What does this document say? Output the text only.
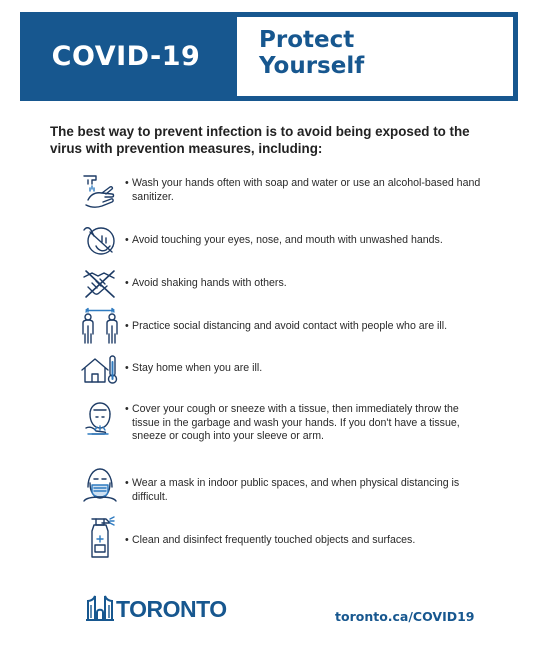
COVID-19
Protect
Yourself
The best way to prevent infection is to avoid being exposed to the virus with prevention measures, including:
• Wash your hands often with soap and water or use an alcohol-based hand sanitizer.
• Avoid touching your eyes, nose, and mouth with unwashed hands.
• Avoid shaking hands with others.
• Practice social distancing and avoid contact with people who are ill.
• Stay home when you are ill.
• Cover your cough or sneeze with a tissue, then immediately throw the tissue in the garbage and wash your hands. If you don't have a tissue, sneeze or cough into your sleeve or arm.
• Wear a mask in indoor public spaces, and when physical distancing is difficult.
• Clean and disinfect frequently touched objects and surfaces.
TORONTO	toronto.ca/COVID19
